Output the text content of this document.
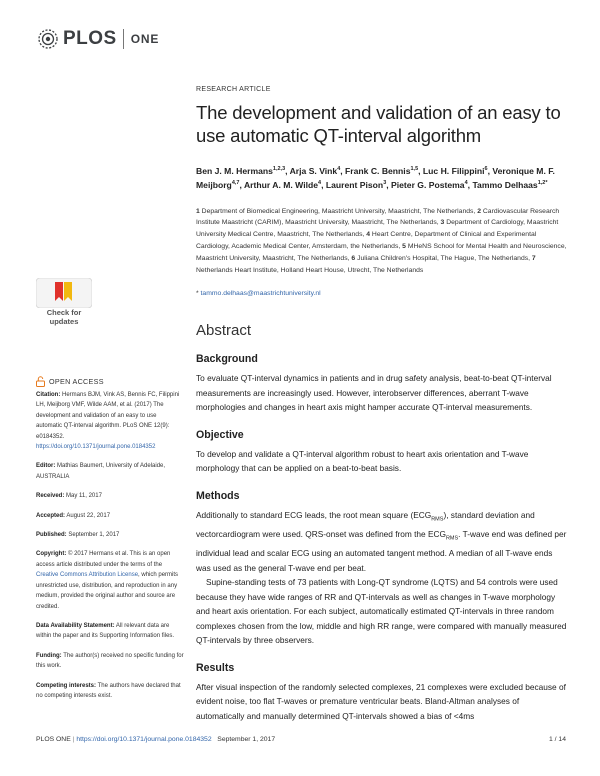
PLOS ONE
Check for
updates
OPEN ACCESS
Citation: Hermans BJM, Vink AS, Bennis FC, Filippini LH, Meijborg VMF, Wilde AAM, et al. (2017) The development and validation of an easy to use automatic QT-interval algorithm. PLoS ONE 12(9): e0184352. https://doi.org/10.1371/journal.pone.0184352
Editor: Mathias Baumert, University of Adelaide, AUSTRALIA
Received: May 11, 2017
Accepted: August 22, 2017
Published: September 1, 2017
Copyright: © 2017 Hermans et al. This is an open access article distributed under the terms of the Creative Commons Attribution License, which permits unrestricted use, distribution, and reproduction in any medium, provided the original author and source are credited.
Data Availability Statement: All relevant data are within the paper and its Supporting Information files.
Funding: The author(s) received no specific funding for this work.
Competing interests: The authors have declared that no competing interests exist.
RESEARCH ARTICLE
The development and validation of an easy to use automatic QT-interval algorithm
Ben J. M. Hermans$^{1,2,3}$, Arja S. Vink$^4$, Frank C. Bennis$^{1,5}$, Luc H. Filippini$^6$, Veronique M. F. Meijborg$^{4,7}$, Arthur A. M. Wilde$^4$, Laurent Pison$^3$, Pieter G. Postema$^4$, Tammo Delhaas$^{1,2*}$
1 Department of Biomedical Engineering, Maastricht University, Maastricht, The Netherlands, 2 Cardiovascular Research Institute Maastricht (CARIM), Maastricht University, Maastricht, The Netherlands, 3 Department of Cardiology, Maastricht University Medical Centre, Maastricht, The Netherlands, 4 Heart Centre, Department of Clinical and Experimental Cardiology, Academic Medical Center, Amsterdam, the Netherlands, 5 MHeNS School for Mental Health and Neuroscience, Maastricht University, Maastricht, The Netherlands, 6 Juliana Children's Hospital, The Hague, The Netherlands, 7 Netherlands Heart Institute, Holland Heart House, Utrecht, The Netherlands
* tammo.delhaas@maastrichtuniversity.nl
Abstract
Background

To evaluate QT-interval dynamics in patients and in drug safety analysis, beat-to-beat QT-interval measurements are increasingly used. However, interobserver differences, aberrant T-wave morphologies and changes in heart axis might hamper accurate QT-interval measurements.

Objective

To develop and validate a QT-interval algorithm robust to heart axis orientation and T-wave morphology that can be applied on a beat-to-beat basis.

Methods

Additionally to standard ECG leads, the root mean square $(ECG_{RMS})$, standard deviation and vectorcardiogram were used. QRS-onset was defined from the $ECG_{RMS}$. T-wave end was defined per individual lead and scalar ECG using an automated tangent method. A median of all T-wave ends was used as the general T-wave end per beat.

Supine-standing tests of 73 patients with Long-QT syndrome (LQTS) and 54 controls were used because they have wide ranges of RR and QT-intervals as well as changes in T-wave morphology and heart axis orientation. For each subject, automatically estimated QT-intervals in three random complexes chosen from the low, middle and high RR range, were compared with manually measured QT-intervals by three observers.

Results

After visual inspection of the randomly selected complexes, 21 complexes were excluded because of evident noise, too flat T-waves or premature ventricular beats. Bland-Altman analyses of automatically and manually determined QT-intervals showed a bias of <4ms

PLOS ONE | https://doi.org/10.1371/journal.pone.0184352 September 1, 2017	1 / 14
